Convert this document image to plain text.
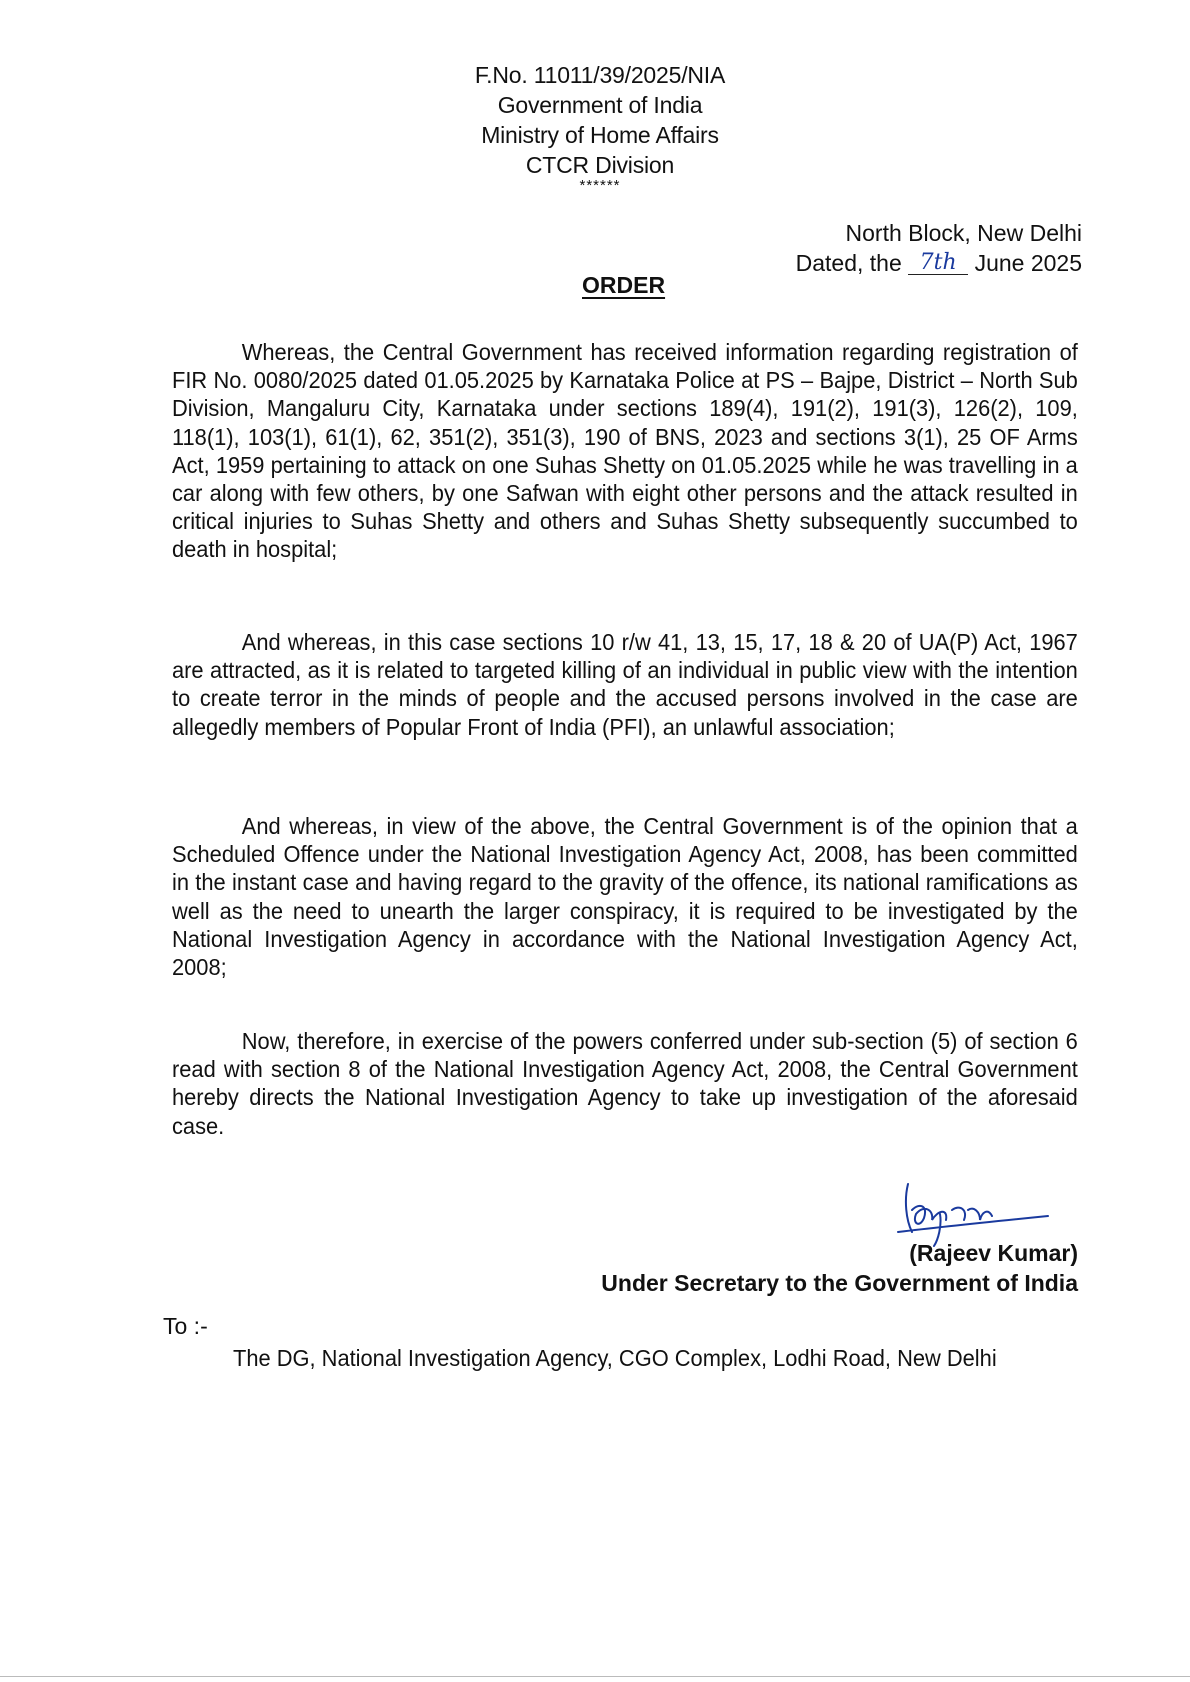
F.No. 11011/39/2025/NIA
Government of India
Ministry of Home Affairs
CTCR Division
******
North Block, New Delhi
Dated, the 7th June 2025
ORDER

Whereas, the Central Government has received information regarding registration of FIR No. 0080/2025 dated 01.05.2025 by Karnataka Police at PS – Bajpe, District – North Sub Division, Mangaluru City, Karnataka under sections 189(4), 191(2), 191(3), 126(2), 109, 118(1), 103(1), 61(1), 62, 351(2), 351(3), 190 of BNS, 2023 and sections 3(1), 25 OF Arms Act, 1959 pertaining to attack on one Suhas Shetty on 01.05.2025 while he was travelling in a car along with few others, by one Safwan with eight other persons and the attack resulted in critical injuries to Suhas Shetty and others and Suhas Shetty subsequently succumbed to death in hospital;

And whereas, in this case sections 10 r/w 41, 13, 15, 17, 18 & 20 of UA(P) Act, 1967 are attracted, as it is related to targeted killing of an individual in public view with the intention to create terror in the minds of people and the accused persons involved in the case are allegedly members of Popular Front of India (PFI), an unlawful association;

And whereas, in view of the above, the Central Government is of the opinion that a Scheduled Offence under the National Investigation Agency Act, 2008, has been committed in the instant case and having regard to the gravity of the offence, its national ramifications as well as the need to unearth the larger conspiracy, it is required to be investigated by the National Investigation Agency in accordance with the National Investigation Agency Act, 2008;

Now, therefore, in exercise of the powers conferred under sub-section (5) of section 6 read with section 8 of the National Investigation Agency Act, 2008, the Central Government hereby directs the National Investigation Agency to take up investigation of the aforesaid case.

(Rajeev Kumar)
Under Secretary to the Government of India
To :-
The DG, National Investigation Agency, CGO Complex, Lodhi Road, New Delhi
